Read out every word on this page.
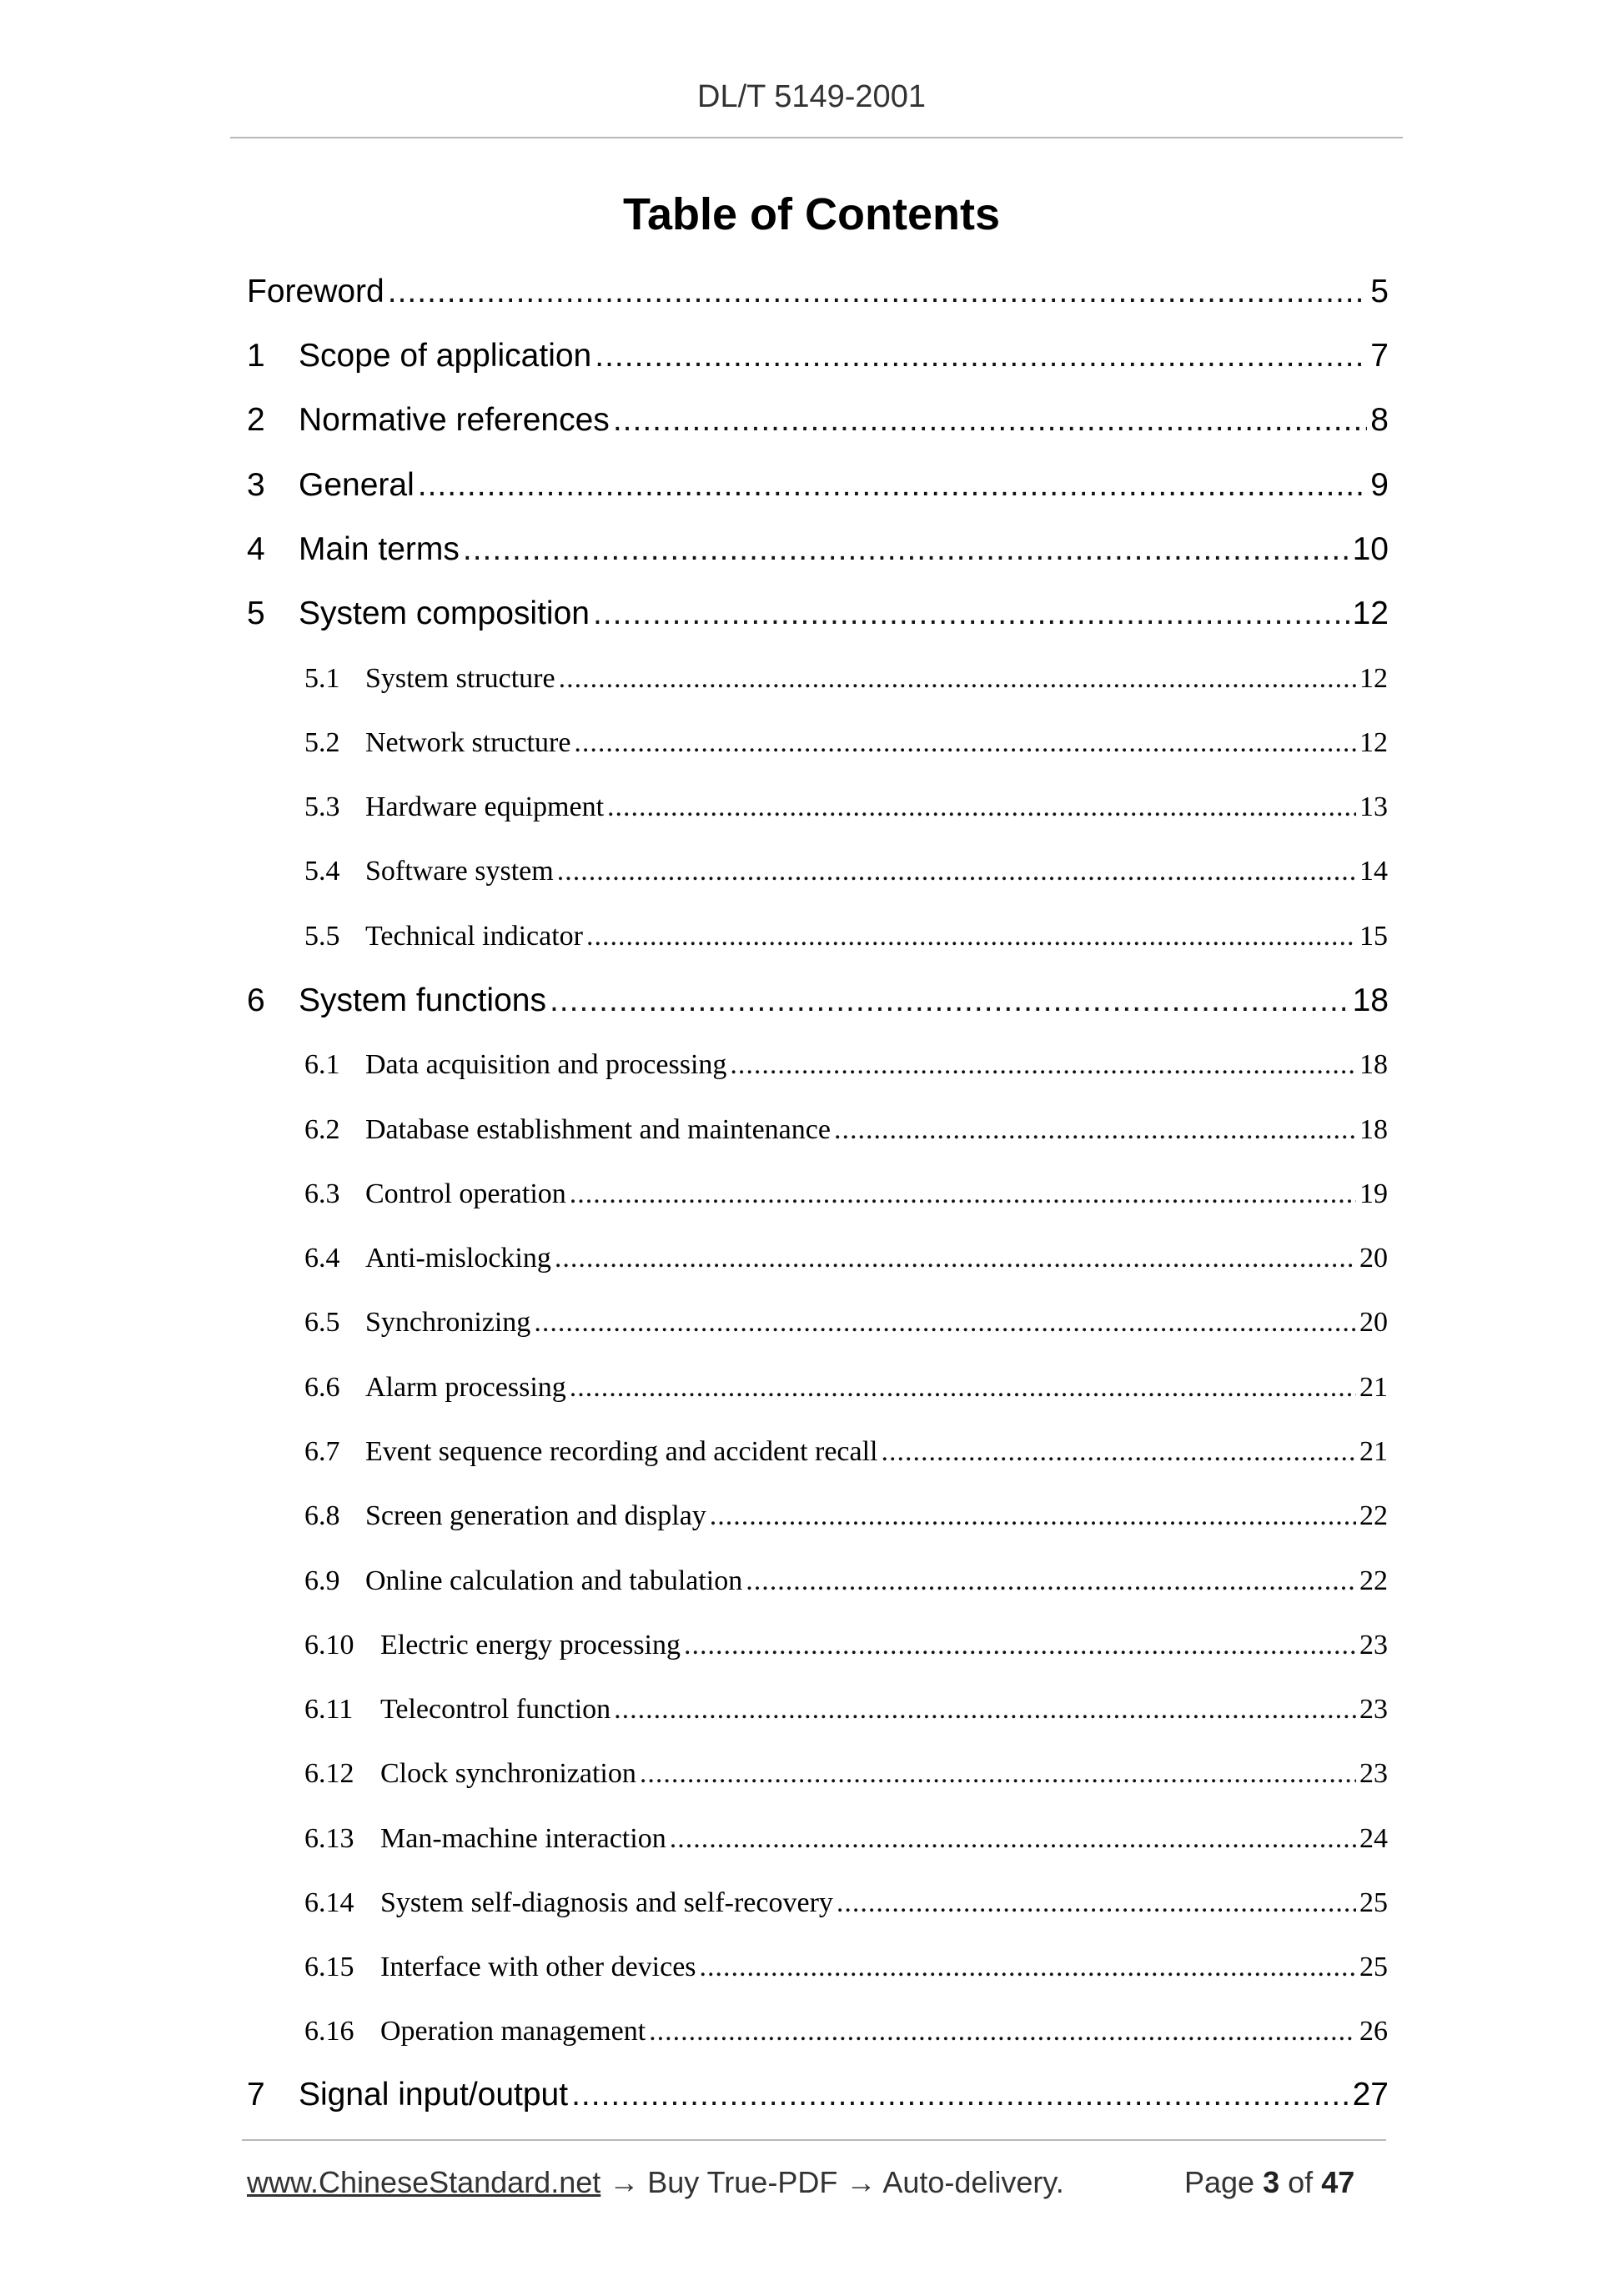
DL/T 5149-2001
Table of Contents
Foreword .....	5
1	Scope of application .....	7
2	Normative references .....	8
3	General .....	9
4	Main terms .....	10
5	System composition .....	12
5.1 System structure .....	12
5.2 Network structure .....	12
5.3 Hardware equipment .....	13
5.4 Software system .....	14
5.5 Technical indicator .....	15
6	System functions .....	18
6.1 Data acquisition and processing .....	18
6.2 Database establishment and maintenance .....	18
6.3 Control operation .....	19
6.4 Anti-mislocking .....	20
6.5 Synchronizing .....	20
6.6 Alarm processing .....	21
6.7 Event sequence recording and accident recall .....	21
6.8 Screen generation and display .....	22
6.9 Online calculation and tabulation .....	22
6.10 Electric energy processing .....	23
6.11 Telecontrol function .....	23
6.12 Clock synchronization .....	23
6.13 Man-machine interaction .....	24
6.14 System self-diagnosis and self-recovery .....	25
6.15 Interface with other devices .....	25
6.16 Operation management .....	26
7	Signal input/output .....	27
www.ChineseStandard.net → Buy True-PDF → Auto-delivery.	Page 3 of 47
